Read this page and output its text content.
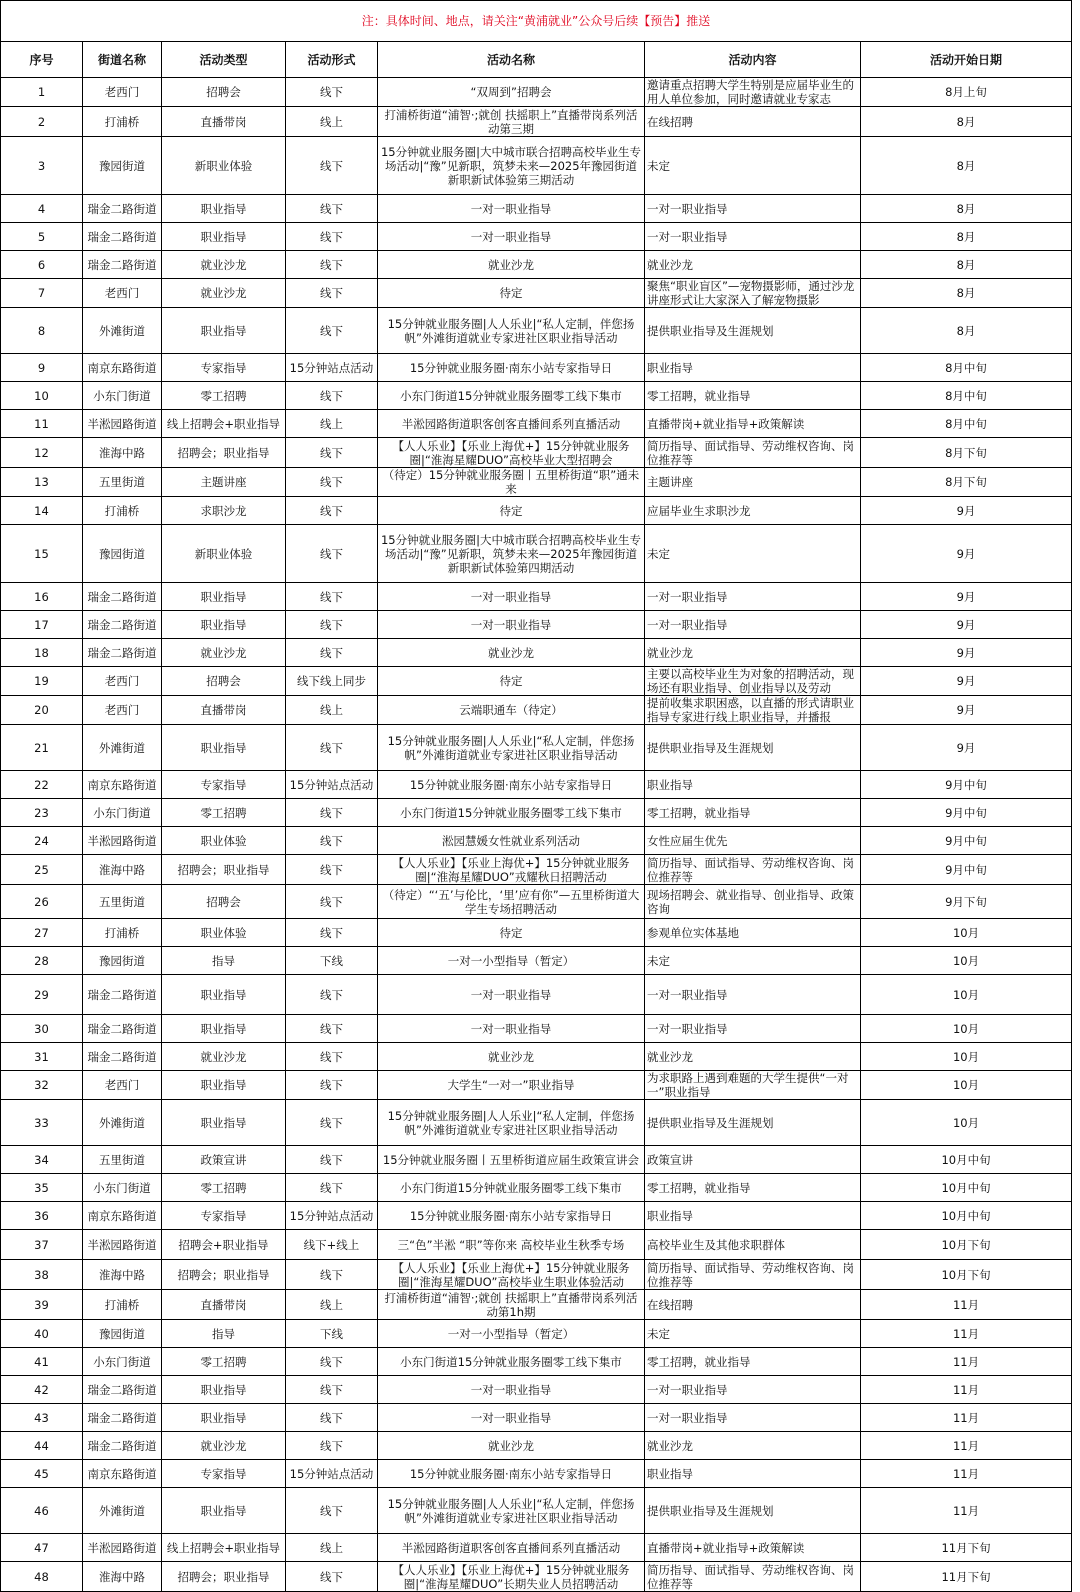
注：具体时间、地点，请关注“黄浦就业”公众号后续【预告】推送						
序号	街道名称	活动类型	活动形式	活动名称	活动内容	活动开始日期
1	老西门	招聘会	线下	“双周到”招聘会	邀请重点招聘大学生特别是应届毕业生的用人单位参加，同时邀请就业专家志	8月上旬
2	打浦桥	直播带岗	线上	打浦桥街道“浦智·;就创 扶摇职上”直播带岗系列活动第三期	在线招聘	8月
3	豫园街道	新职业体验	线下	15分钟就业服务圈|大中城市联合招聘高校毕业生专场活动|“豫”见新职，筑梦未来—2025年豫园街道新职新试体验第三期活动	未定	8月
4	瑞金二路街道	职业指导	线下	一对一职业指导	一对一职业指导	8月
5	瑞金二路街道	职业指导	线下	一对一职业指导	一对一职业指导	8月
6	瑞金二路街道	就业沙龙	线下	就业沙龙	就业沙龙	8月
7	老西门	就业沙龙	线下	待定	聚焦“职业盲区”—宠物摄影师，通过沙龙讲座形式让大家深入了解宠物摄影	8月
8	外滩街道	职业指导	线下	15分钟就业服务圈|人人乐业|“私人定制，伴您扬帆”外滩街道就业专家进社区职业指导活动	提供职业指导及生涯规划	8月
9	南京东路街道	专家指导	15分钟站点活动	15分钟就业服务圈·南东小站专家指导日	职业指导	8月中旬
10	小东门街道	零工招聘	线下	小东门街道15分钟就业服务圈零工线下集市	零工招聘，就业指导	8月中旬
11	半淞园路街道	线上招聘会+职业指导	线上	半淞园路街道职客创客直播间系列直播活动	直播带岗+就业指导+政策解读	8月中旬
12	淮海中路	招聘会；职业指导	线下	【人人乐业】【乐业上海优+】15分钟就业服务圈|“淮海星耀DUO”高校毕业大型招聘会	简历指导、面试指导、劳动维权咨询、岗位推荐等	8月下旬
13	五里街道	主题讲座	线下	（待定）15分钟就业服务圈丨五里桥街道“职”通未来	主题讲座	8月下旬
14	打浦桥	求职沙龙	线下	待定	应届毕业生求职沙龙	9月
15	豫园街道	新职业体验	线下	15分钟就业服务圈|大中城市联合招聘高校毕业生专场活动|“豫”见新职，筑梦未来—2025年豫园街道新职新试体验第四期活动	未定	9月
16	瑞金二路街道	职业指导	线下	一对一职业指导	一对一职业指导	9月
17	瑞金二路街道	职业指导	线下	一对一职业指导	一对一职业指导	9月
18	瑞金二路街道	就业沙龙	线下	就业沙龙	就业沙龙	9月
19	老西门	招聘会	线下线上同步	待定	主要以高校毕业生为对象的招聘活动，现场还有职业指导、创业指导以及劳动	9月
20	老西门	直播带岗	线上	云端职通车（待定）	提前收集求职困惑，以直播的形式请职业指导专家进行线上职业指导，并播报	9月
21	外滩街道	职业指导	线下	15分钟就业服务圈|人人乐业|“私人定制，伴您扬帆”外滩街道就业专家进社区职业指导活动	提供职业指导及生涯规划	9月
22	南京东路街道	专家指导	15分钟站点活动	15分钟就业服务圈·南东小站专家指导日	职业指导	9月中旬
23	小东门街道	零工招聘	线下	小东门街道15分钟就业服务圈零工线下集市	零工招聘，就业指导	9月中旬
24	半淞园路街道	职业体验	线下	淞园慧媛女性就业系列活动	女性应届生优先	9月中旬
25	淮海中路	招聘会；职业指导	线下	【人人乐业】【乐业上海优+】15分钟就业服务圈|“淮海星耀DUO”戎耀秋日招聘活动	简历指导、面试指导、劳动维权咨询、岗位推荐等	9月中旬
26	五里街道	招聘会	线下	（待定）“‘五’与伦比，‘里’应有你”—五里桥街道大学生专场招聘活动	现场招聘会、就业指导、创业指导、政策咨询	9月下旬
27	打浦桥	职业体验	线下	待定	参观单位实体基地	10月
28	豫园街道	指导	下线	一对一小型指导（暂定）	未定	10月
29	瑞金二路街道	职业指导	线下	一对一职业指导	一对一职业指导	10月
30	瑞金二路街道	职业指导	线下	一对一职业指导	一对一职业指导	10月
31	瑞金二路街道	就业沙龙	线下	就业沙龙	就业沙龙	10月
32	老西门	职业指导	线下	大学生“一对一”职业指导	为求职路上遇到难题的大学生提供“一对一”职业指导	10月
33	外滩街道	职业指导	线下	15分钟就业服务圈|人人乐业|“私人定制，伴您扬帆”外滩街道就业专家进社区职业指导活动	提供职业指导及生涯规划	10月
34	五里街道	政策宣讲	线下	15分钟就业服务圈丨五里桥街道应届生政策宣讲会	政策宣讲	10月中旬
35	小东门街道	零工招聘	线下	小东门街道15分钟就业服务圈零工线下集市	零工招聘，就业指导	10月中旬
36	南京东路街道	专家指导	15分钟站点活动	15分钟就业服务圈·南东小站专家指导日	职业指导	10月中旬
37	半淞园路街道	招聘会+职业指导	线下+线上	三“色”半淞 “职”等你来 高校毕业生秋季专场	高校毕业生及其他求职群体	10月下旬
38	淮海中路	招聘会；职业指导	线下	【人人乐业】【乐业上海优+】15分钟就业服务圈|“淮海星耀DUO”高校毕业生职业体验活动	简历指导、面试指导、劳动维权咨询、岗位推荐等	10月下旬
39	打浦桥	直播带岗	线上	打浦桥街道“浦智·;就创 扶摇职上”直播带岗系列活动第1h期	在线招聘	11月
40	豫园街道	指导	下线	一对一小型指导（暂定）	未定	11月
41	小东门街道	零工招聘	线下	小东门街道15分钟就业服务圈零工线下集市	零工招聘，就业指导	11月
42	瑞金二路街道	职业指导	线下	一对一职业指导	一对一职业指导	11月
43	瑞金二路街道	职业指导	线下	一对一职业指导	一对一职业指导	11月
44	瑞金二路街道	就业沙龙	线下	就业沙龙	就业沙龙	11月
45	南京东路街道	专家指导	15分钟站点活动	15分钟就业服务圈·南东小站专家指导日	职业指导	11月
46	外滩街道	职业指导	线下	15分钟就业服务圈|人人乐业|“私人定制，伴您扬帆”外滩街道就业专家进社区职业指导活动	提供职业指导及生涯规划	11月
47	半淞园路街道	线上招聘会+职业指导	线上	半淞园路街道职客创客直播间系列直播活动	直播带岗+就业指导+政策解读	11月下旬
48	淮海中路	招聘会；职业指导	线下	【人人乐业】【乐业上海优+】15分钟就业服务圈|“淮海星耀DUO”长期失业人员招聘活动	简历指导、面试指导、劳动维权咨询、岗位推荐等	11月下旬
